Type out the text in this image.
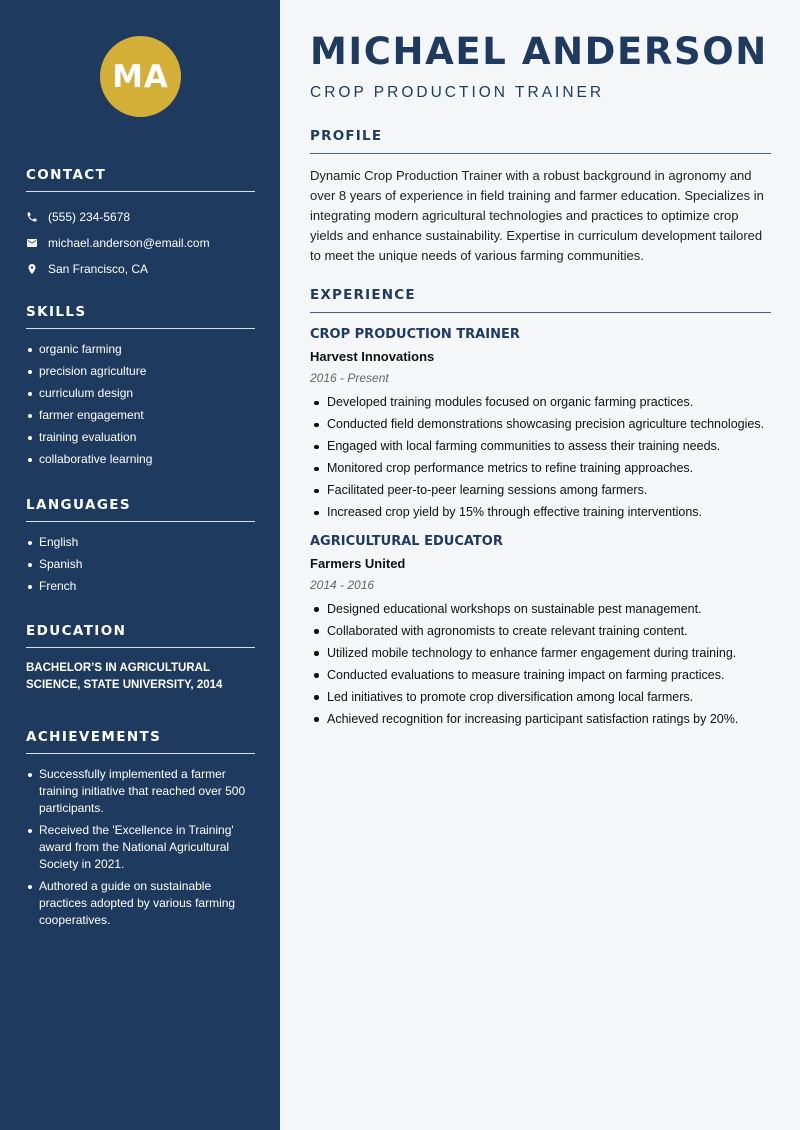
MA
CONTACT
(555) 234-5678
michael.anderson@email.com
San Francisco, CA
SKILLS
organic farming
precision agriculture
curriculum design
farmer engagement
training evaluation
collaborative learning
LANGUAGES
English
Spanish
French
EDUCATION

BACHELOR’S IN AGRICULTURAL SCIENCE, STATE UNIVERSITY, 2014

ACHIEVEMENTS
Successfully implemented a farmer training initiative that reached over 500 participants.
Received the 'Excellence in Training' award from the National Agricultural Society in 2021.
Authored a guide on sustainable practices adopted by various farming cooperatives.
MICHAEL ANDERSON
CROP PRODUCTION TRAINER
PROFILE

Dynamic Crop Production Trainer with a robust background in agronomy and over 8 years of experience in field training and farmer education. Specializes in integrating modern agricultural technologies and practices to optimize crop yields and enhance sustainability. Expertise in curriculum development tailored to meet the unique needs of various farming communities.

EXPERIENCE
CROP PRODUCTION TRAINER
Harvest Innovations
2016 - Present
Developed training modules focused on organic farming practices.
Conducted field demonstrations showcasing precision agriculture technologies.
Engaged with local farming communities to assess their training needs.
Monitored crop performance metrics to refine training approaches.
Facilitated peer-to-peer learning sessions among farmers.
Increased crop yield by 15% through effective training interventions.
AGRICULTURAL EDUCATOR
Farmers United
2014 - 2016
Designed educational workshops on sustainable pest management.
Collaborated with agronomists to create relevant training content.
Utilized mobile technology to enhance farmer engagement during training.
Conducted evaluations to measure training impact on farming practices.
Led initiatives to promote crop diversification among local farmers.
Achieved recognition for increasing participant satisfaction ratings by 20%.
